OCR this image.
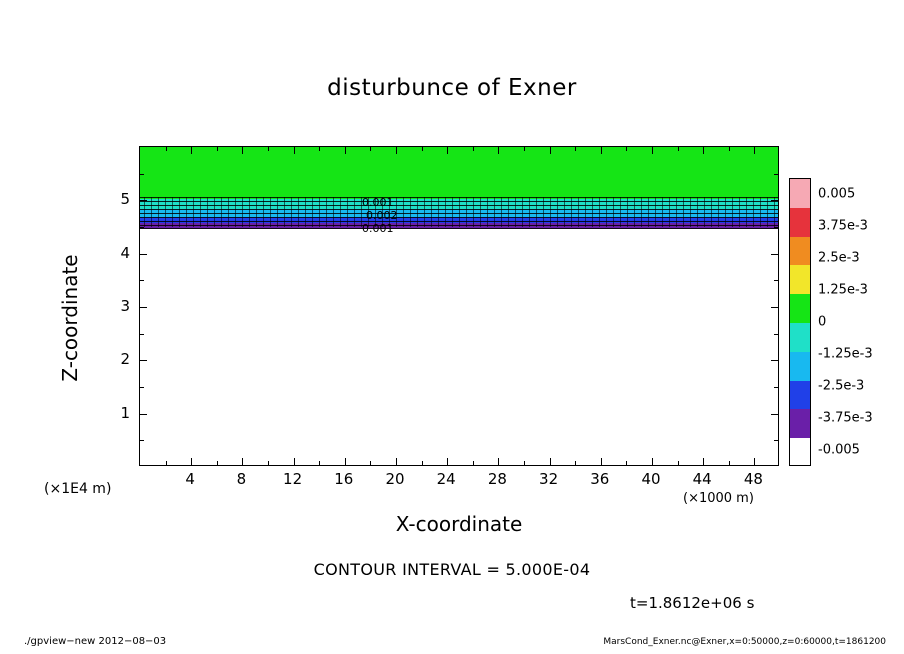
disturbunce of Exner
0.001
0.002
0.001
4	8 12 16 20 24 28 32 36 40 44 48
1
2
3
4
5
X-coordinate
Z-coordinate
(×1000 m)
(×1E4 m)
0.005
3.75e-3
2.5e-3
1.25e-3
0
-1.25e-3
-2.5e-3
-3.75e-3
-0.005
CONTOUR INTERVAL = 5.000E-04
t=1.8612e+06 s
./gpview−new 2012−08−03	MarsCond_Exner.nc@Exner,x=0:50000,z=0:60000,t=1861200
